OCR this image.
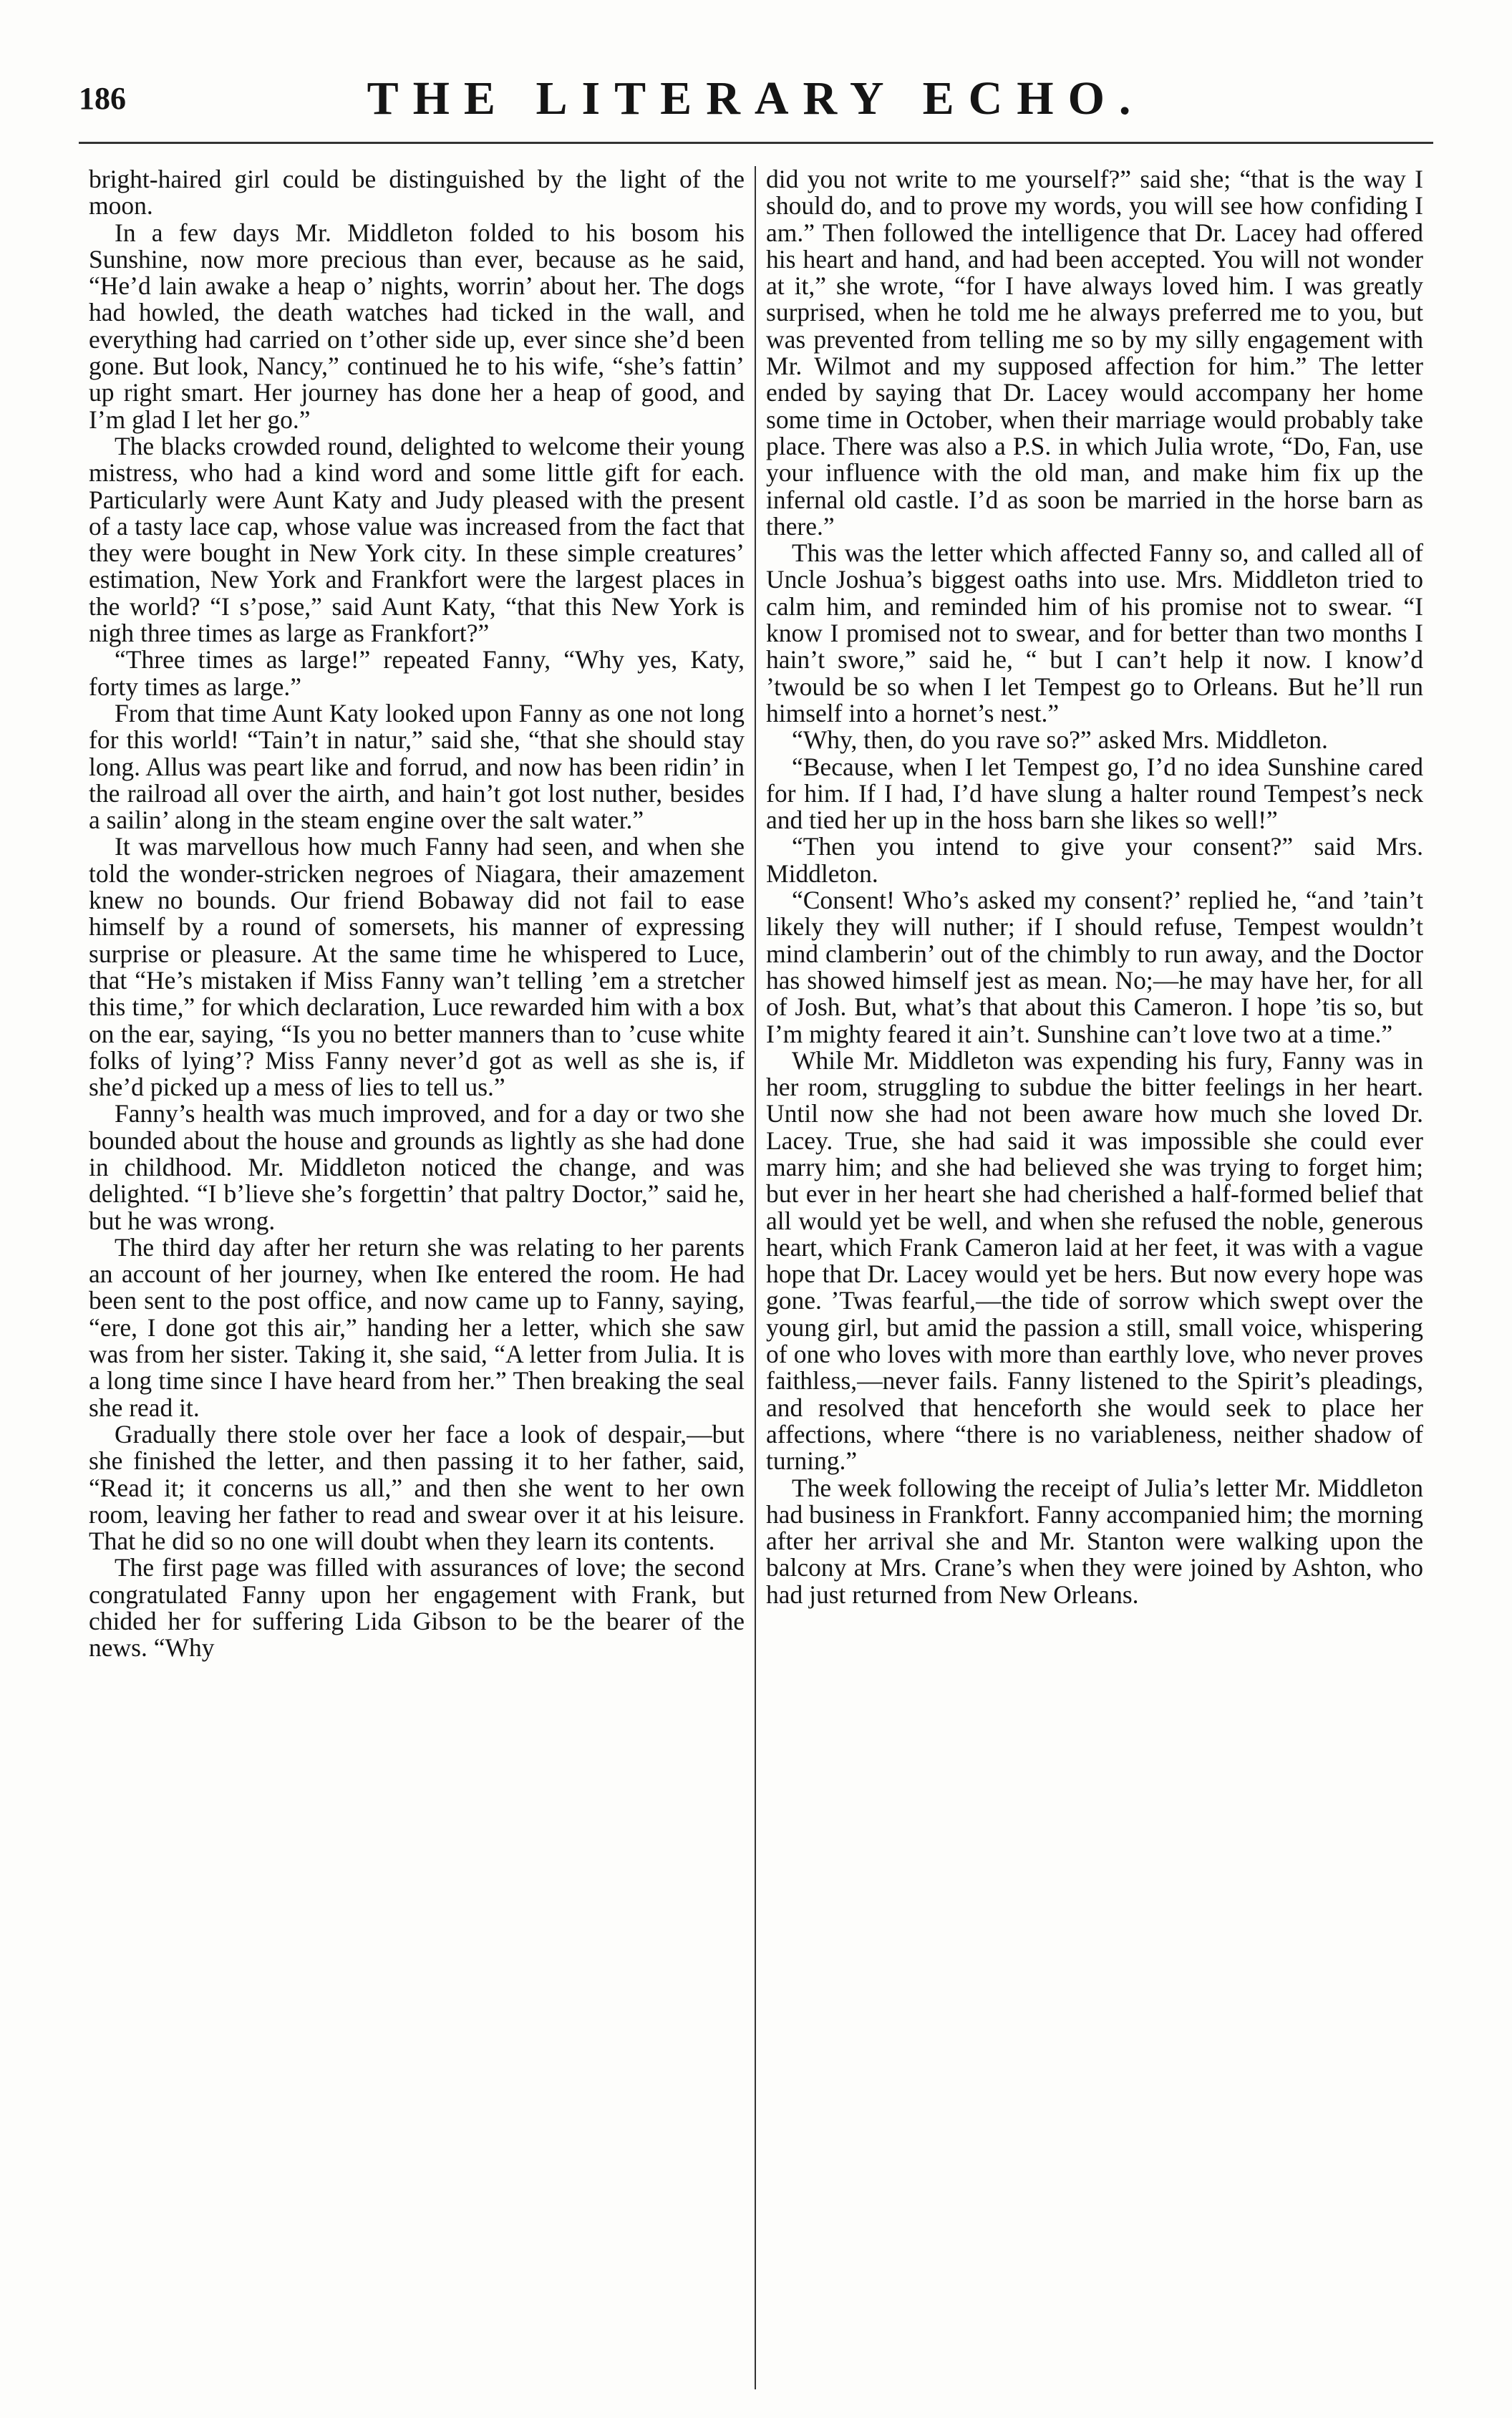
186	THE LITERARY ECHO.

bright-haired girl could be distinguished by the light of the moon.

In a few days Mr. Middleton folded to his bosom his Sunshine, now more precious than ever, because as he said, “He’d lain awake a heap o’ nights, worrin’ about her. The dogs had howled, the death watches had ticked in the wall, and everything had carried on t’other side up, ever since she’d been gone. But look, Nancy,” continued he to his wife, “she’s fattin’ up right smart. Her journey has done her a heap of good, and I’m glad I let her go.”

The blacks crowded round, delighted to welcome their young mistress, who had a kind word and some little gift for each. Particularly were Aunt Katy and Judy pleased with the present of a tasty lace cap, whose value was increased from the fact that they were bought in New York city. In these simple creatures’ estimation, New York and Frankfort were the largest places in the world? “I s’pose,” said Aunt Katy, “that this New York is nigh three times as large as Frankfort?”

“Three times as large!” repeated Fanny, “Why yes, Katy, forty times as large.”

From that time Aunt Katy looked upon Fanny as one not long for this world! “Tain’t in natur,” said she, “that she should stay long. Allus was peart like and forrud, and now has been ridin’ in the railroad all over the airth, and hain’t got lost nuther, besides a sailin’ along in the steam engine over the salt water.”

It was marvellous how much Fanny had seen, and when she told the wonder-stricken negroes of Niagara, their amazement knew no bounds. Our friend Bobaway did not fail to ease himself by a round of somersets, his manner of expressing surprise or pleasure. At the same time he whispered to Luce, that “He’s mistaken if Miss Fanny wan’t telling ’em a stretcher this time,” for which declaration, Luce rewarded him with a box on the ear, saying, “Is you no better manners than to ’cuse white folks of lying’? Miss Fanny never’d got as well as she is, if she’d picked up a mess of lies to tell us.”

Fanny’s health was much improved, and for a day or two she bounded about the house and grounds as lightly as she had done in childhood. Mr. Middleton noticed the change, and was delighted. “I b’lieve she’s forgettin’ that paltry Doctor,” said he, but he was wrong.

The third day after her return she was relating to her parents an account of her journey, when Ike entered the room. He had been sent to the post office, and now came up to Fanny, saying, “ere, I done got this air,” handing her a letter, which she saw was from her sister. Taking it, she said, “A letter from Julia. It is a long time since I have heard from her.” Then breaking the seal she read it.

Gradually there stole over her face a look of despair,—but she finished the letter, and then passing it to her father, said, “Read it; it concerns us all,” and then she went to her own room, leaving her father to read and swear over it at his leisure. That he did so no one will doubt when they learn its contents.

The first page was filled with assurances of love; the second congratulated Fanny upon her engagement with Frank, but chided her for suffering Lida Gibson to be the bearer of the news. “Why

did you not write to me yourself?” said she; “that is the way I should do, and to prove my words, you will see how confiding I am.” Then followed the intelligence that Dr. Lacey had offered his heart and hand, and had been accepted. You will not wonder at it,” she wrote, “for I have always loved him. I was greatly surprised, when he told me he always preferred me to you, but was prevented from telling me so by my silly engagement with Mr. Wilmot and my supposed affection for him.” The letter ended by saying that Dr. Lacey would accompany her home some time in October, when their marriage would probably take place. There was also a P.S. in which Julia wrote, “Do, Fan, use your influence with the old man, and make him fix up the infernal old castle. I’d as soon be married in the horse barn as there.”

This was the letter which affected Fanny so, and called all of Uncle Joshua’s biggest oaths into use. Mrs. Middleton tried to calm him, and reminded him of his promise not to swear. “I know I promised not to swear, and for better than two months I hain’t swore,” said he, “ but I can’t help it now. I know’d ’twould be so when I let Tempest go to Orleans. But he’ll run himself into a hornet’s nest.”

“Why, then, do you rave so?” asked Mrs. Middleton.

“Because, when I let Tempest go, I’d no idea Sunshine cared for him. If I had, I’d have slung a halter round Tempest’s neck and tied her up in the hoss barn she likes so well!”

“Then you intend to give your consent?” said Mrs. Middleton.

“Consent! Who’s asked my consent?’ replied he, “and ’tain’t likely they will nuther; if I should refuse, Tempest wouldn’t mind clamberin’ out of the chimbly to run away, and the Doctor has showed himself jest as mean. No;—he may have her, for all of Josh. But, what’s that about this Cameron. I hope ’tis so, but I’m mighty feared it ain’t. Sunshine can’t love two at a time.”

While Mr. Middleton was expending his fury, Fanny was in her room, struggling to subdue the bitter feelings in her heart. Until now she had not been aware how much she loved Dr. Lacey. True, she had said it was impossible she could ever marry him; and she had believed she was trying to forget him; but ever in her heart she had cherished a half-formed belief that all would yet be well, and when she refused the noble, generous heart, which Frank Cameron laid at her feet, it was with a vague hope that Dr. Lacey would yet be hers. But now every hope was gone. ’Twas fearful,—the tide of sorrow which swept over the young girl, but amid the passion a still, small voice, whispering of one who loves with more than earthly love, who never proves faithless,—never fails. Fanny listened to the Spirit’s pleadings, and resolved that henceforth she would seek to place her affections, where “there is no variableness, neither shadow of turning.”

The week following the receipt of Julia’s letter Mr. Middleton had business in Frankfort. Fanny accompanied him; the morning after her arrival she and Mr. Stanton were walking upon the balcony at Mrs. Crane’s when they were joined by Ashton, who had just returned from New Orleans.
